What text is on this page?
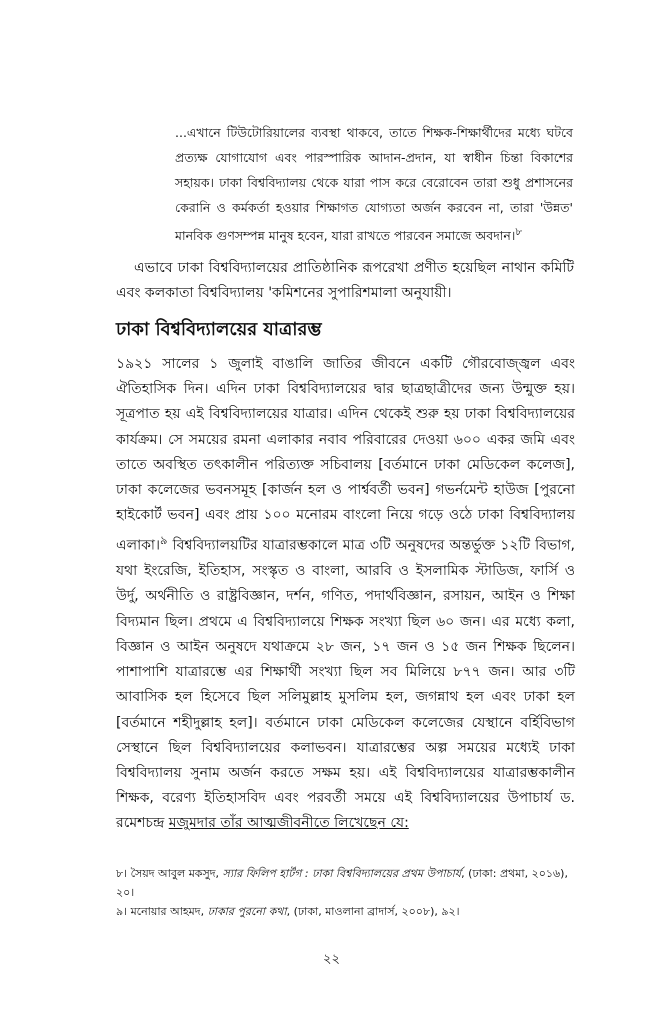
...এখানে টিউটোরিয়ালের ব্যবস্থা থাকবে, তাতে শিক্ষক-শিক্ষার্থীদের মধ্যে ঘটবে প্রত্যক্ষ যোগাযোগ এবং পারস্পারিক আদান-প্রদান, যা স্বাধীন চিন্তা বিকাশের সহায়ক। ঢাকা বিশ্ববিদ্যালয় থেকে যারা পাস করে বেরোবেন তারা শুধু প্রশাসনের কেরানি ও কর্মকর্তা হওয়ার শিক্ষাগত যোগ্যতা অর্জন করবেন না, তারা 'উন্নত' মানবিক গুণসম্পন্ন মানুষ হবেন, যারা রাখতে পারবেন সমাজে অবদান।$^৮$
এভাবে ঢাকা বিশ্ববিদ্যালয়ের প্রাতিষ্ঠানিক রূপরেখা প্রণীত হয়েছিল নাথান কমিটি এবং কলকাতা বিশ্ববিদ্যালয় 'কমিশনের সুপারিশমালা অনুযায়ী।
ঢাকা বিশ্ববিদ্যালয়ের যাত্রারম্ভ
১৯২১ সালের ১ জুলাই বাঙালি জাতির জীবনে একটি গৌরবোজ্জ্বল এবং ঐতিহাসিক দিন। এদিন ঢাকা বিশ্ববিদ্যালয়ের দ্বার ছাত্রছাত্রীদের জন্য উন্মুক্ত হয়। সূত্রপাত হয় এই বিশ্ববিদ্যালয়ের যাত্রার। এদিন থেকেই শুরু হয় ঢাকা বিশ্ববিদ্যালয়ের কার্যক্রম। সে সময়ের রমনা এলাকার নবাব পরিবারের দেওয়া ৬০০ একর জমি এবং তাতে অবস্থিত তৎকালীন পরিত্যক্ত সচিবালয় [বর্তমানে ঢাকা মেডিকেল কলেজ], ঢাকা কলেজের ভবনসমূহ [কার্জন হল ও পার্শ্ববর্তী ভবন] গভর্নমেন্ট হাউজ [পুরনো হাইকোর্ট ভবন] এবং প্রায় ১০০ মনোরম বাংলো নিয়ে গড়ে ওঠে ঢাকা বিশ্ববিদ্যালয় এলাকা।$^৯$ বিশ্ববিদ্যালয়টির যাত্রারম্ভকালে মাত্র ৩টি অনুষদের অন্তর্ভুক্ত ১২টি বিভাগ, যথা ইংরেজি, ইতিহাস, সংস্কৃত ও বাংলা, আরবি ও ইসলামিক স্টাডিজ, ফার্সি ও উর্দু, অর্থনীতি ও রাষ্ট্রবিজ্ঞান, দর্শন, গণিত, পদার্থবিজ্ঞান, রসায়ন, আইন ও শিক্ষা বিদ্যমান ছিল। প্রথমে এ বিশ্ববিদ্যালয়ে শিক্ষক সংখ্যা ছিল ৬০ জন। এর মধ্যে কলা, বিজ্ঞান ও আইন অনুষদে যথাক্রমে ২৮ জন, ১৭ জন ও ১৫ জন শিক্ষক ছিলেন। পাশাপাশি যাত্রারম্ভে এর শিক্ষার্থী সংখ্যা ছিল সব মিলিয়ে ৮৭৭ জন। আর ৩টি আবাসিক হল হিসেবে ছিল সলিমুল্লাহ মুসলিম হল, জগন্নাথ হল এবং ঢাকা হল [বর্তমানে শহীদুল্লাহ হল]। বর্তমানে ঢাকা মেডিকেল কলেজের যেস্থানে বর্হিবিভাগ সেস্থানে ছিল বিশ্ববিদ্যালয়ের কলাভবন। যাত্রারম্ভের অল্প সময়ের মধ্যেই ঢাকা বিশ্ববিদ্যালয় সুনাম অর্জন করতে সক্ষম হয়। এই বিশ্ববিদ্যালয়ের যাত্রারম্ভকালীন শিক্ষক, বরেণ্য ইতিহাসবিদ এবং পরবর্তী সময়ে এই বিশ্ববিদ্যালয়ের উপাচার্য ড. রমেশচন্দ্র মজুমদার তাঁর আত্মজীবনীতে লিখেছেন যে:

৮। সৈয়দ আবুল মকসুদ, স্যার ফিলিপ হার্টগ : ঢাকা বিশ্ববিদ্যালয়ের প্রথম উপাচার্য, (ঢাকা: প্রথমা, ২০১৬), ২০।

৯। মনোয়ার আহমদ, ঢাকার পুরনো কথা, (ঢাকা, মাওলানা ব্রাদার্স, ২০০৮), ৯২।

২২
